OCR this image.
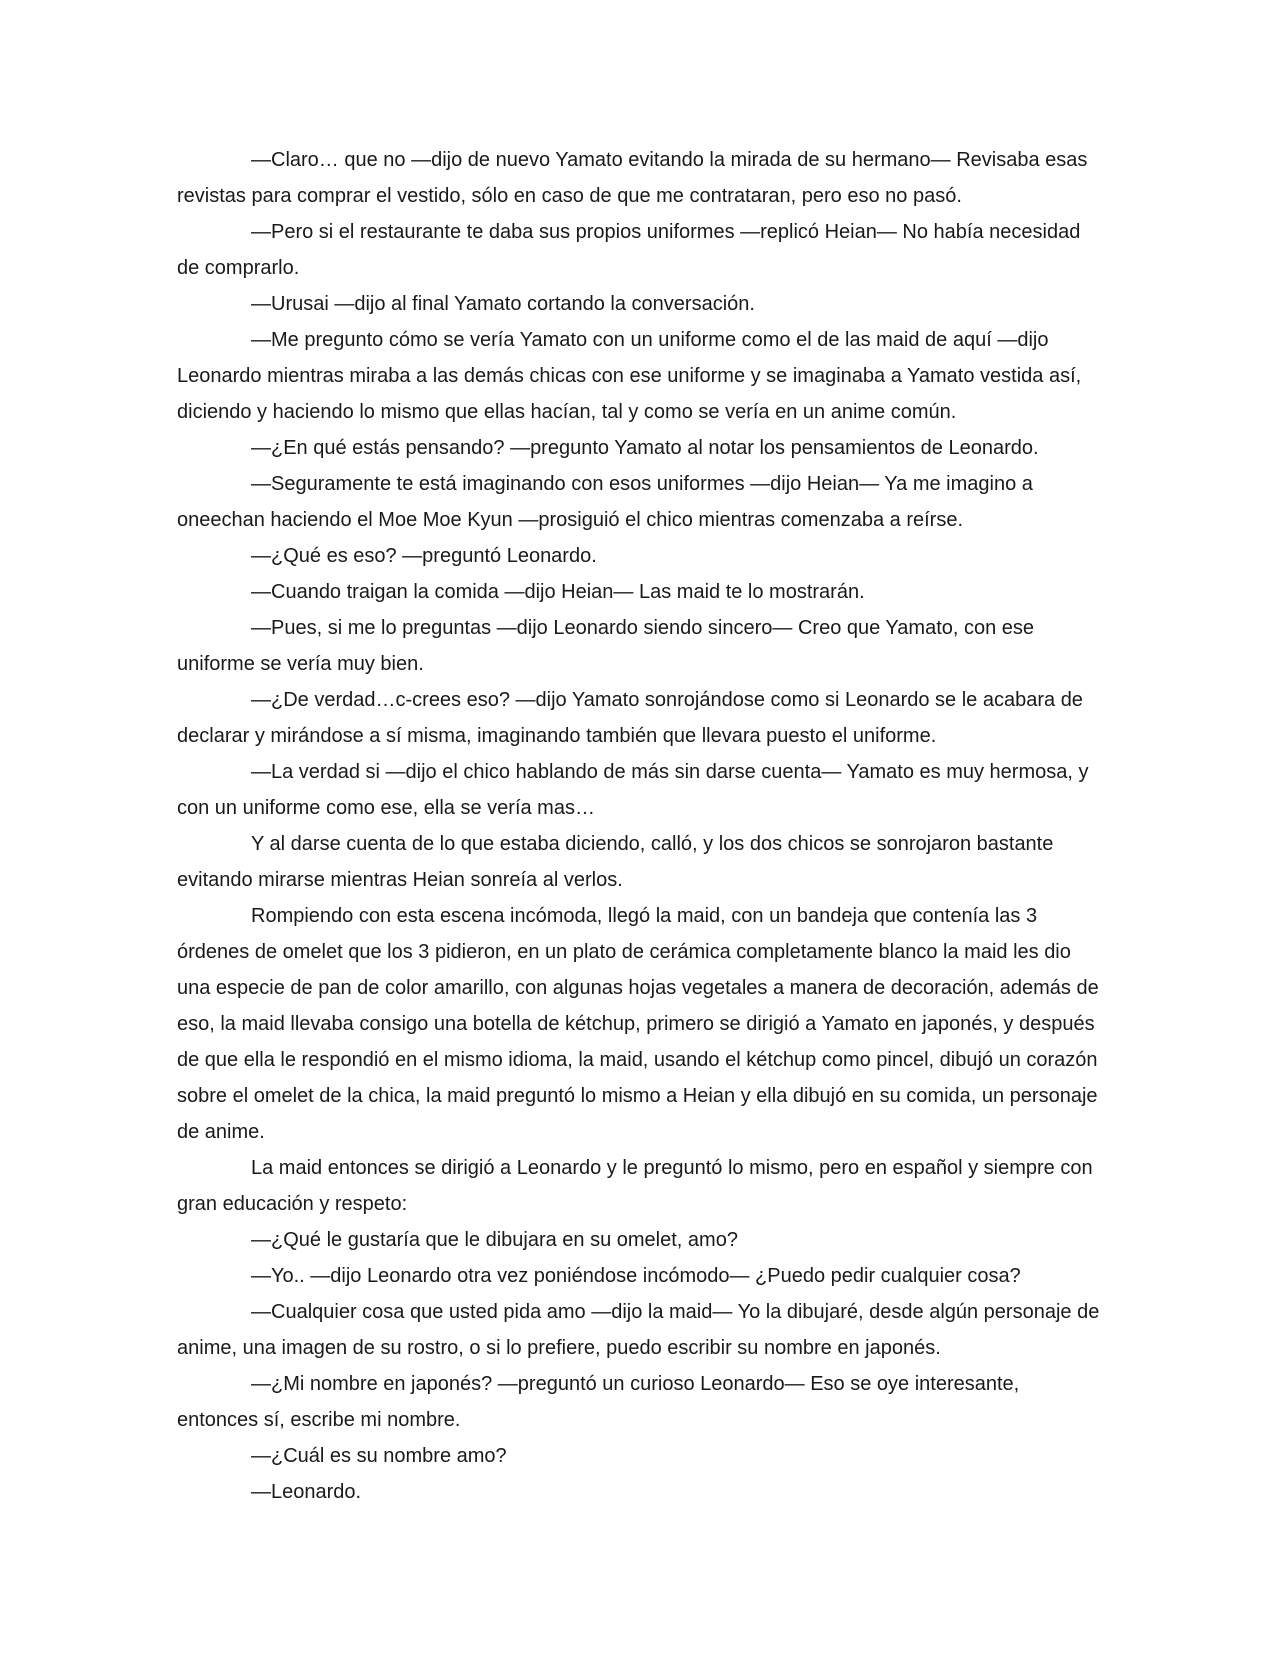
―Claro… que no ―dijo de nuevo Yamato evitando la mirada de su hermano― Revisaba esas revistas para comprar el vestido, sólo en caso de que me contrataran, pero eso no pasó.

―Pero si el restaurante te daba sus propios uniformes ―replicó Heian― No había necesidad de comprarlo.

―Urusai ―dijo al final Yamato cortando la conversación.

―Me pregunto cómo se vería Yamato con un uniforme como el de las maid de aquí ―dijo Leonardo mientras miraba a las demás chicas con ese uniforme y se imaginaba a Yamato vestida así, diciendo y haciendo lo mismo que ellas hacían, tal y como se vería en un anime común.

―¿En qué estás pensando? ―pregunto Yamato al notar los pensamientos de Leonardo.

―Seguramente te está imaginando con esos uniformes ―dijo Heian― Ya me imagino a oneechan haciendo el Moe Moe Kyun ―prosiguió el chico mientras comenzaba a reírse.

―¿Qué es eso? ―preguntó Leonardo.

―Cuando traigan la comida ―dijo Heian― Las maid te lo mostrarán.

―Pues, si me lo preguntas ―dijo Leonardo siendo sincero― Creo que Yamato, con ese uniforme se vería muy bien.

―¿De verdad…c-crees eso? ―dijo Yamato sonrojándose como si Leonardo se le acabara de declarar y mirándose a sí misma, imaginando también que llevara puesto el uniforme.

―La verdad si ―dijo el chico hablando de más sin darse cuenta― Yamato es muy hermosa, y con un uniforme como ese, ella se vería mas…

Y al darse cuenta de lo que estaba diciendo, calló, y los dos chicos se sonrojaron bastante evitando mirarse mientras Heian sonreía al verlos.

Rompiendo con esta escena incómoda, llegó la maid, con un bandeja que contenía las 3 órdenes de omelet que los 3 pidieron, en un plato de cerámica completamente blanco la maid les dio una especie de pan de color amarillo, con algunas hojas vegetales a manera de decoración, además de eso, la maid llevaba consigo una botella de kétchup, primero se dirigió a Yamato en japonés, y después de que ella le respondió en el mismo idioma, la maid, usando el kétchup como pincel, dibujó un corazón sobre el omelet de la chica, la maid preguntó lo mismo a Heian y ella dibujó en su comida, un personaje de anime.

La maid entonces se dirigió a Leonardo y le preguntó lo mismo, pero en español y siempre con gran educación y respeto:

―¿Qué le gustaría que le dibujara en su omelet, amo?

―Yo.. ―dijo Leonardo otra vez poniéndose incómodo― ¿Puedo pedir cualquier cosa?

―Cualquier cosa que usted pida amo ―dijo la maid― Yo la dibujaré, desde algún personaje de anime, una imagen de su rostro, o si lo prefiere, puedo escribir su nombre en japonés.

―¿Mi nombre en japonés? ―preguntó un curioso Leonardo― Eso se oye interesante, entonces sí, escribe mi nombre.

―¿Cuál es su nombre amo?

―Leonardo.
